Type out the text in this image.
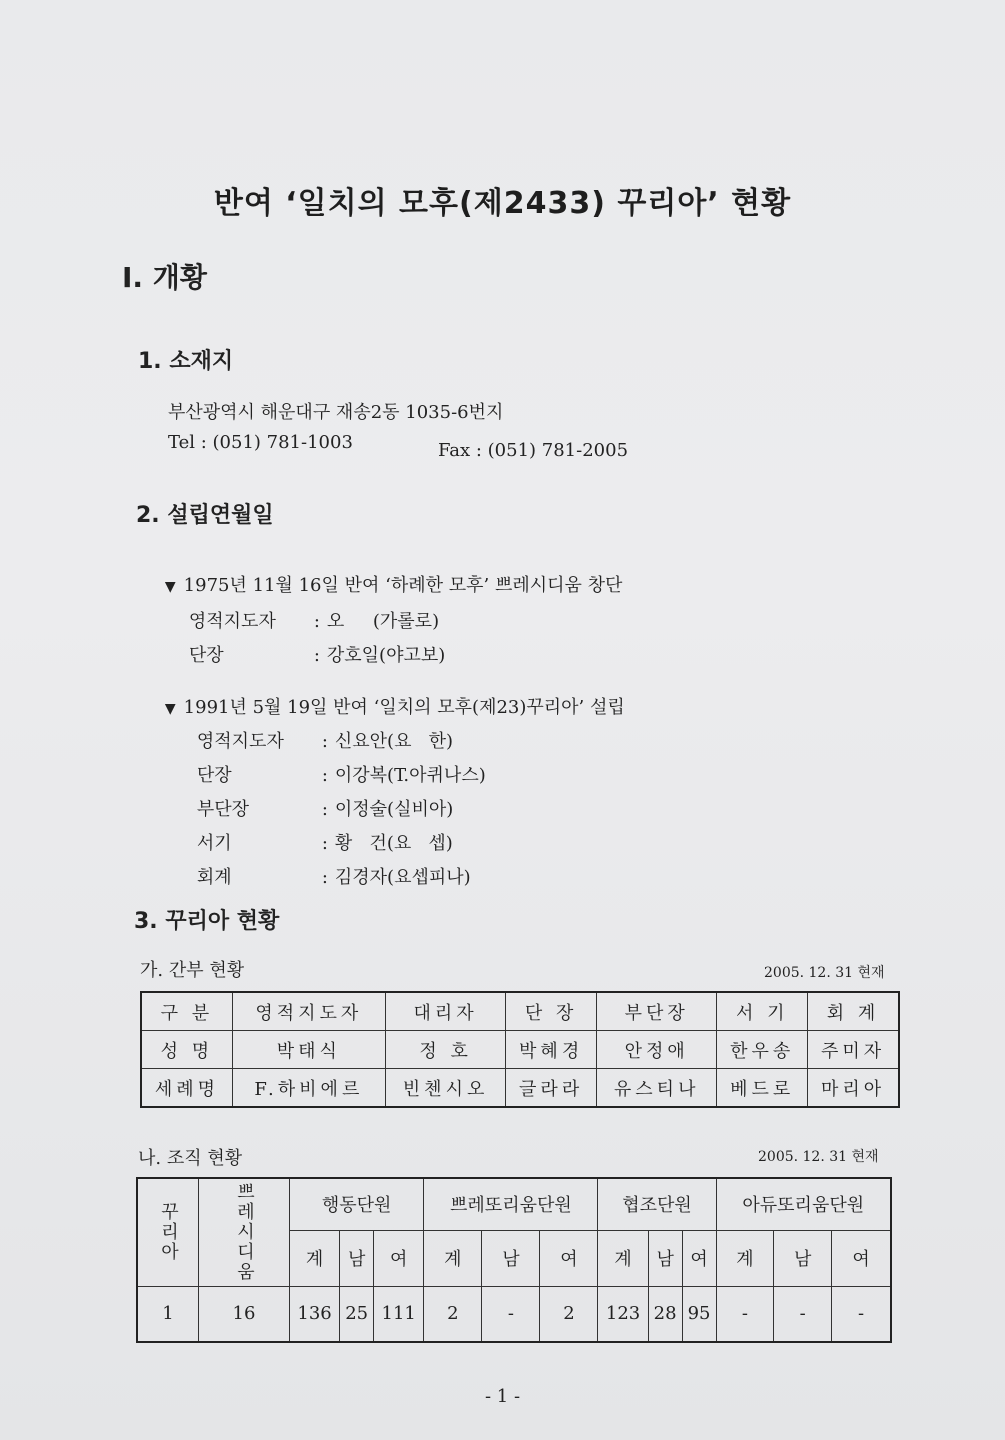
반여 ‘일치의 모후(제2433) 꾸리아’ 현황
Ⅰ. 개황
1. 소재지
부산광역시 해운대구 재송2동 1035-6번지
Tel : (051) 781-1003	Fax : (051) 781-2005
2. 설립연월일

▼ 1975년 11월 16일 반여 ‘하례한 모후’ 쁘레시디움 창단

영적지도자 : 오     (가롤로)

단장	: 강호일(야고보)

▼ 1991년 5월 19일 반여 ‘일치의 모후(제23)꾸리아’ 설립

영적지도자 : 신요안(요   한)

단장	: 이강복(T.아퀴나스)

부단장	: 이정술(실비아)

서기	: 황   건(요   셉)

회계	: 김경자(요셉피나)

3. 꾸리아 현황
가. 간부 현황	2005. 12. 31 현재
구 분	영적지도자	대리자	단 장	부단장	서 기	회 계
성 명	박태식	정 호	박혜경	안정애	한우송	주미자
세례명	F.하비에르	빈첸시오	글라라	유스티나	베드로	마리아
나. 조직 현황	2005. 12. 31 현재
꾸리아	쁘레시디움	행동단원			쁘레또리움단원			협조단원			아듀또리움단원		
		계	남	여	계	남	여	계	남	여	계	남	여
1	16	136	25	111	2	-	2	123	28	95	-	-	-
- 1 -
